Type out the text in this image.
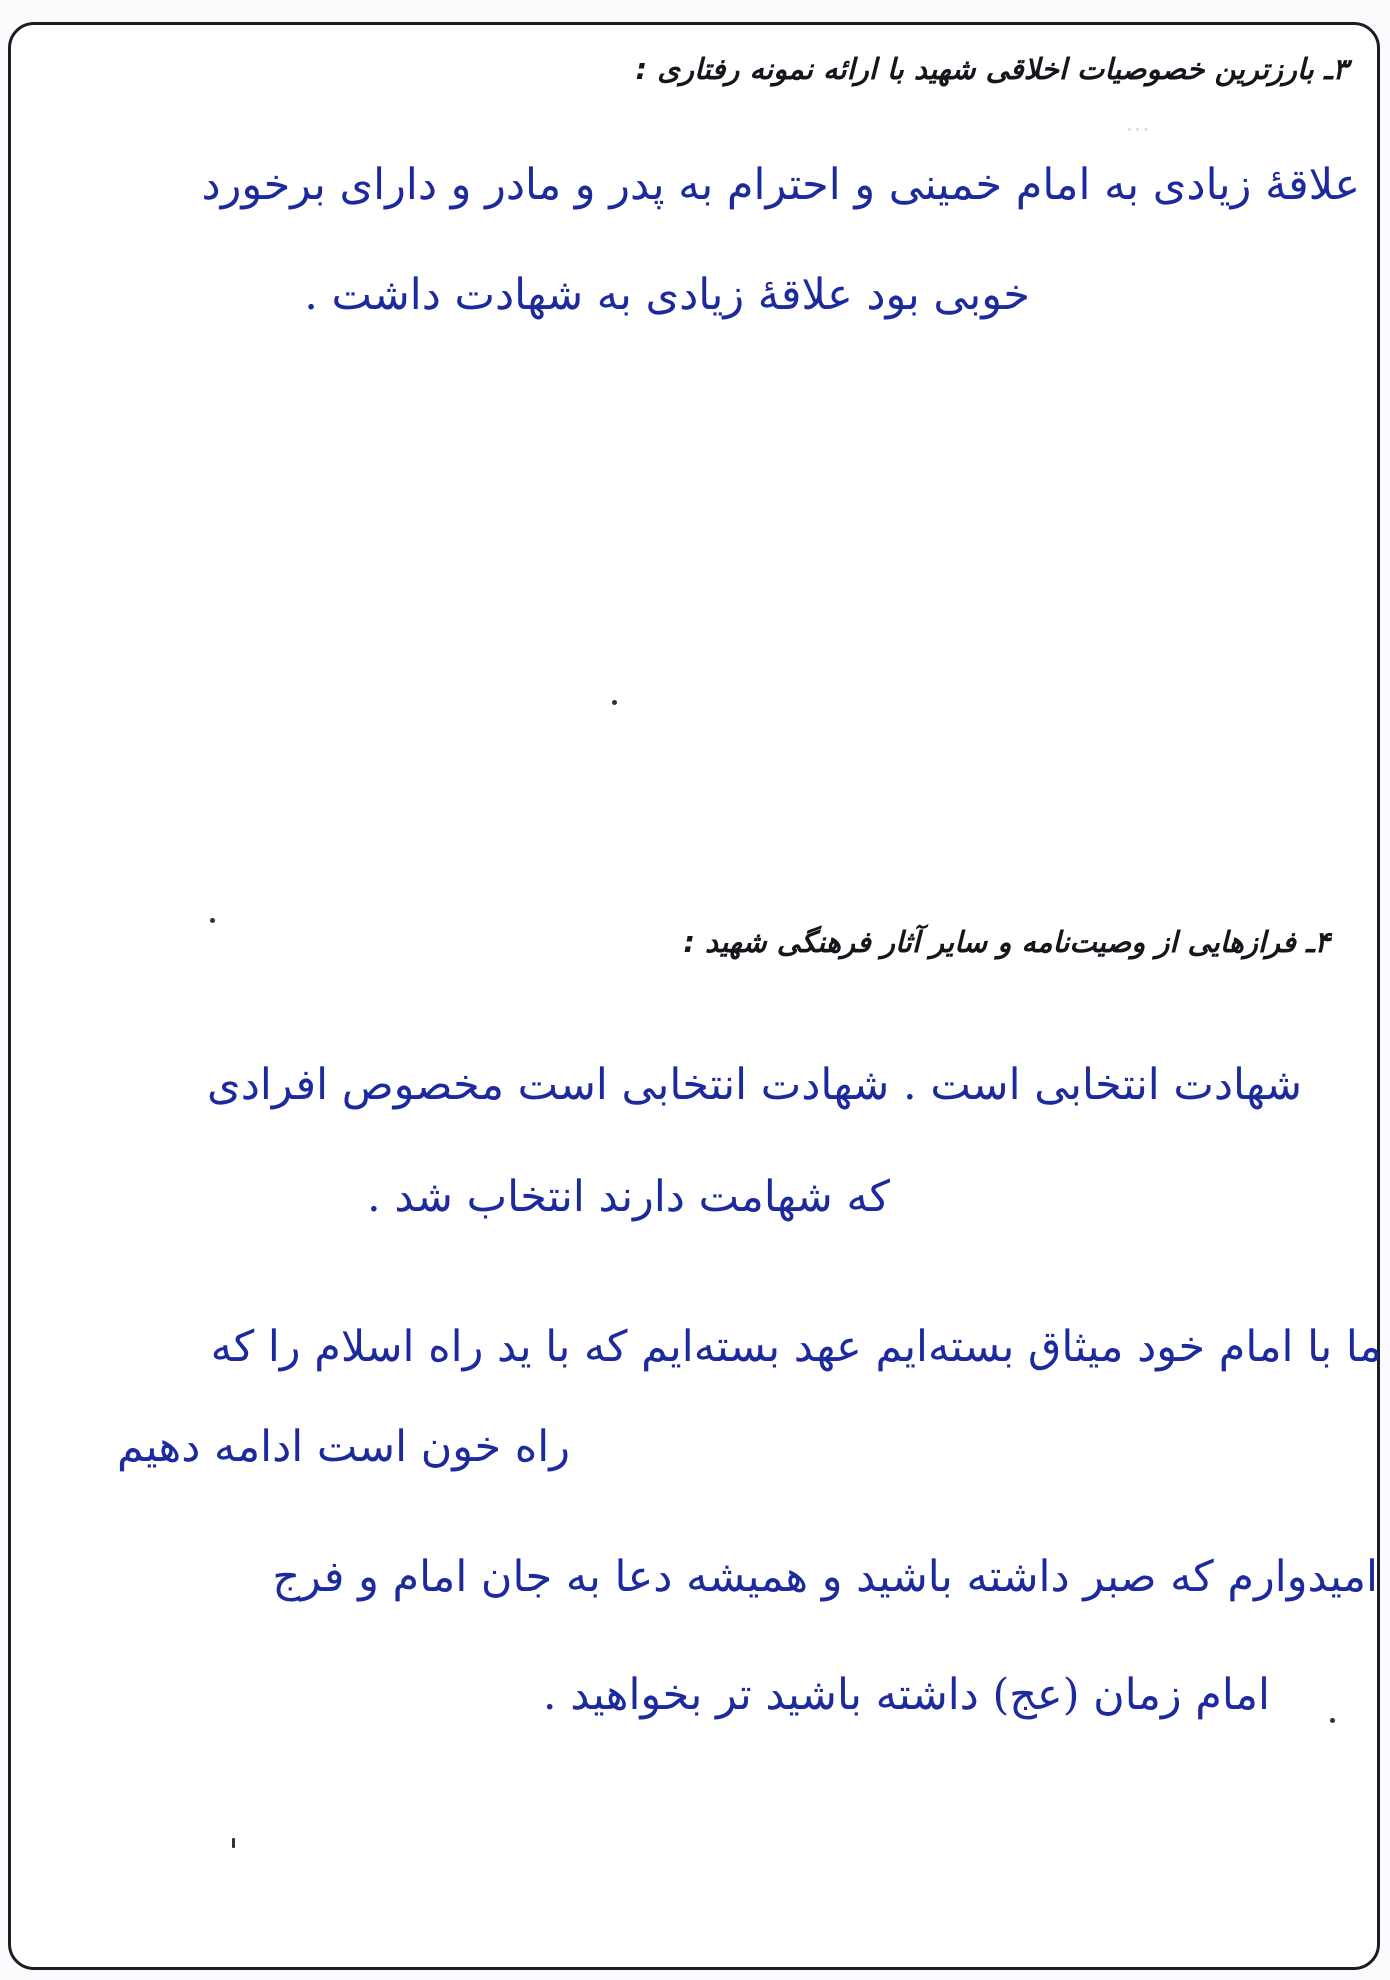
...
۳ـ بارزترین خصوصیات اخلاقی شهید با ارائه نمونه رفتاری :
علاقهٔ زیادی به امام خمینی و احترام به پدر و مادر و دارای برخورد
خوبی بود علاقهٔ زیادی به شهادت داشت .
۴ـ فرازهایی از وصیت‌نامه و سایر آثار فرهنگی شهید :
شهادت انتخابی است . شهادت انتخابی است مخصوص افرادی
که شهامت دارند انتخاب شد .
ما با امام خود میثاق بسته‌ایم عهد بسته‌ایم که با ید راه اسلام را که
راه خون است ادامه دهیم
امیدوارم که صبر داشته باشید و همیشه دعا به جان امام و فرج
امام زمان (عج) داشته باشید تر بخواهید .
